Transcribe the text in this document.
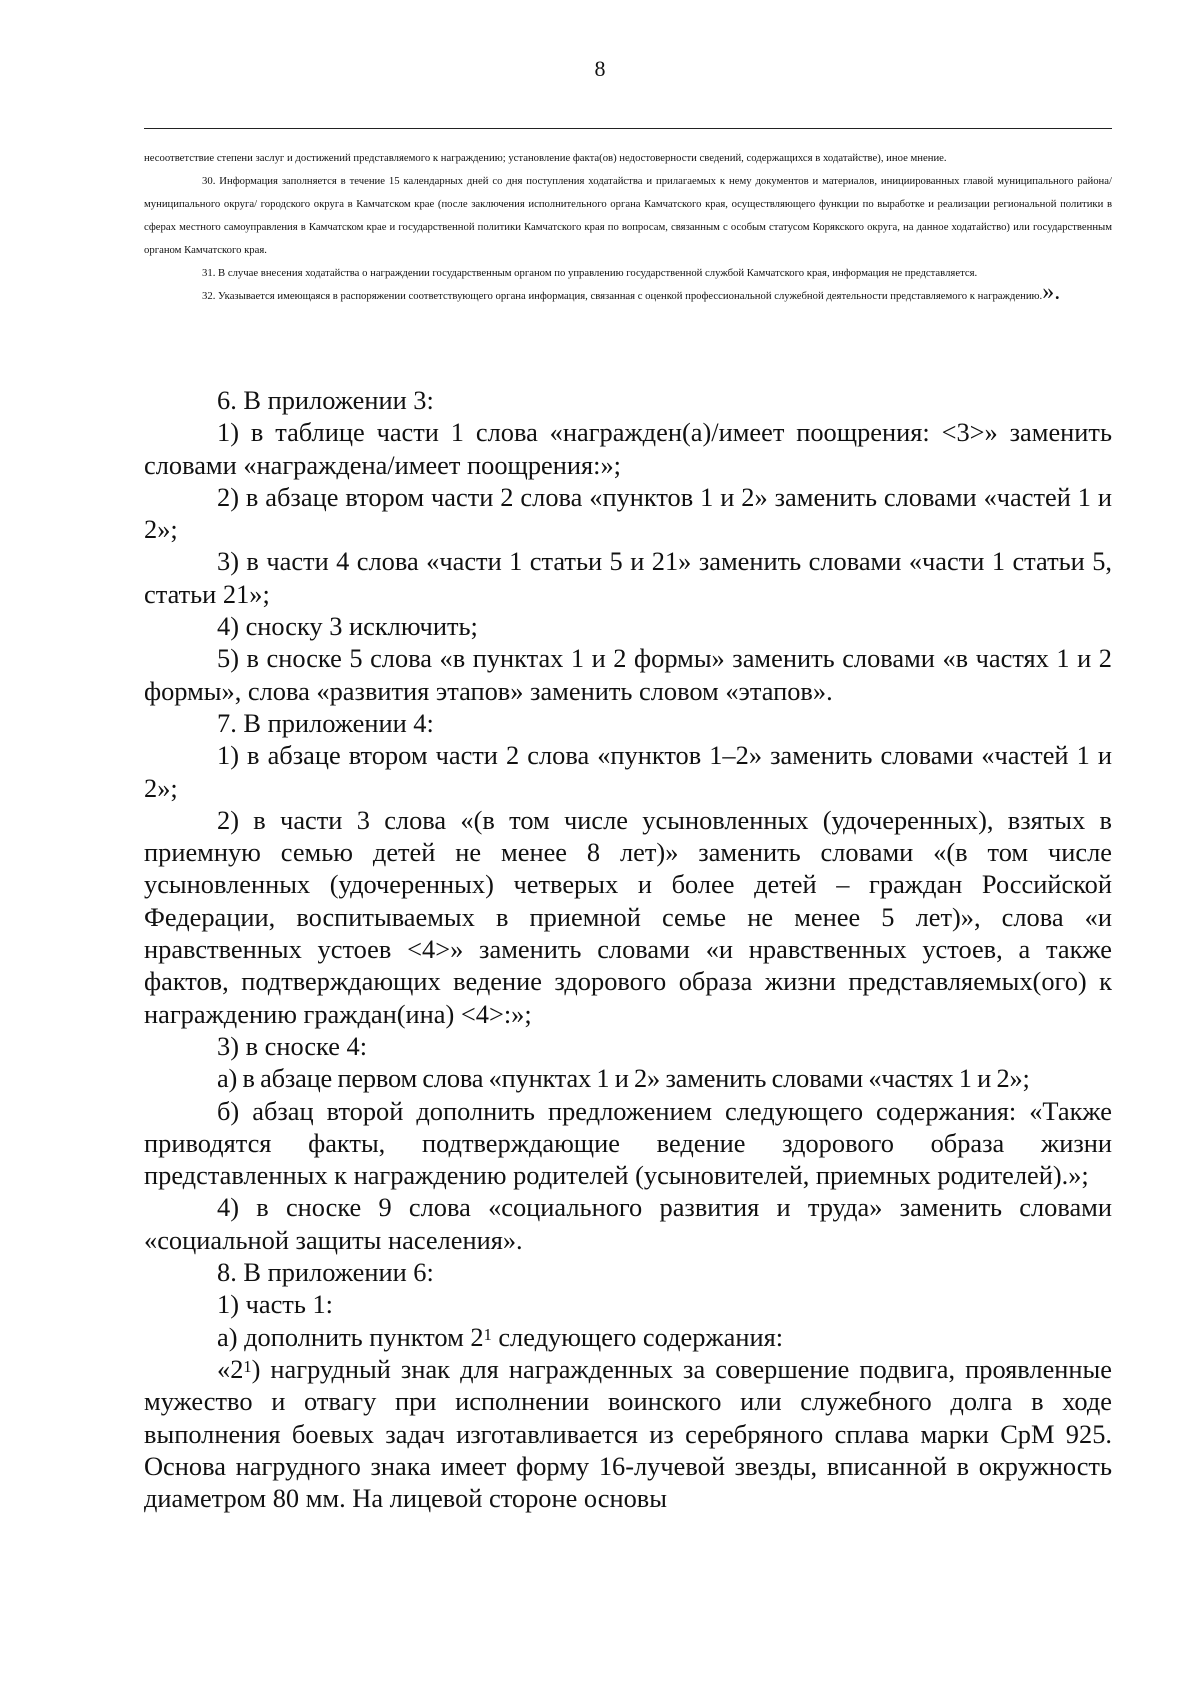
8

несоответствие степени заслуг и достижений представляемого к награждению; установление факта(ов) недостоверности сведений, содержащихся в ходатайстве), иное мнение.

30. Информация заполняется в течение 15 календарных дней со дня поступления ходатайства и прилагаемых к нему документов и материалов, инициированных главой муниципального района/ муниципального округа/ городского округа в Камчатском крае (после заключения исполнительного органа Камчатского края, осуществляющего функции по выработке и реализации региональной политики в сферах местного самоуправления в Камчатском крае и государственной политики Камчатского края по вопросам, связанным с особым статусом Корякского округа, на данное ходатайство) или государственным органом Камчатского края.

31. В случае внесения ходатайства о награждении государственным органом по управлению государственной службой Камчатского края, информация не представляется.

32. Указывается имеющаяся в распоряжении соответствующего органа информация, связанная с оценкой профессиональной служебной деятельности представляемого к награждению.».

6. В приложении 3:

1) в таблице части 1 слова «награжден(а)/имеет поощрения: <3>» заменить словами «награждена/имеет поощрения:»;

2) в абзаце втором части 2 слова «пунктов 1 и 2» заменить словами «частей 1 и 2»;

3) в части 4 слова «части 1 статьи 5 и 21» заменить словами «части 1 статьи 5, статьи 21»;

4) сноску 3 исключить;

5) в сноске 5 слова «в пунктах 1 и 2 формы» заменить словами «в частях 1 и 2 формы», слова «развития этапов» заменить словом «этапов».

7. В приложении 4:

1) в абзаце втором части 2 слова «пунктов 1–2» заменить словами «частей 1 и 2»;

2) в части 3 слова «(в том числе усыновленных (удочеренных), взятых в приемную семью детей не менее 8 лет)» заменить словами «(в том числе усыновленных (удочеренных) четверых и более детей – граждан Российской Федерации, воспитываемых в приемной семье не менее 5 лет)», слова «и нравственных устоев <4>» заменить словами «и нравственных устоев, а также фактов, подтверждающих ведение здорового образа жизни представляемых(ого) к награждению граждан(ина) <4>:»;

3) в сноске 4:

а) в абзаце первом слова «пунктах 1 и 2» заменить словами «частях 1 и 2»;

б) абзац второй дополнить предложением следующего содержания: «Также приводятся факты, подтверждающие ведение здорового образа жизни представленных к награждению родителей (усыновителей, приемных родителей).»;

4) в сноске 9 слова «социального развития и труда» заменить словами «социальной защиты населения».

8. В приложении 6:

1) часть 1:

а) дополнить пунктом $2^1$ следующего содержания:

«$2^1$) нагрудный знак для награжденных за совершение подвига, проявленные мужество и отвагу при исполнении воинского или служебного долга в ходе выполнения боевых задач изготавливается из серебряного сплава марки СрМ 925. Основа нагрудного знака имеет форму 16-лучевой звезды, вписанной в окружность диаметром 80 мм. На лицевой стороне основы
